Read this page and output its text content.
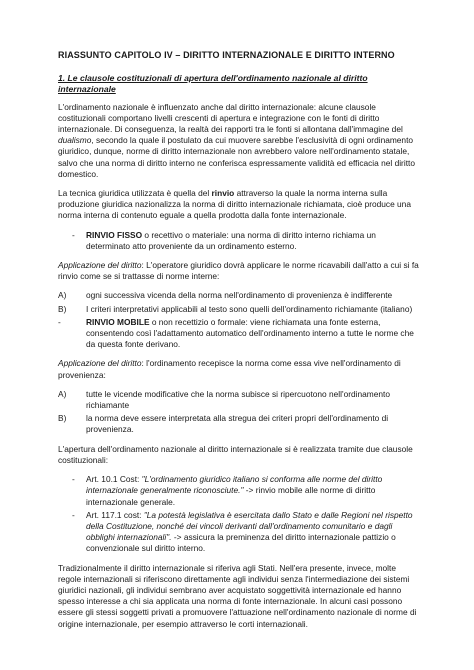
RIASSUNTO CAPITOLO IV – DIRITTO INTERNAZIONALE E DIRITTO INTERNO
1. Le clausole costituzionali di apertura dell'ordinamento nazionale al diritto internazionale

L'ordinamento nazionale è influenzato anche dal diritto internazionale: alcune clausole costituzionali comportano livelli crescenti di apertura e integrazione con le fonti di diritto internazionale. Di conseguenza, la realtà dei rapporti tra le fonti si allontana dall'immagine del dualismo, secondo la quale il postulato da cui muovere sarebbe l'esclusività di ogni ordinamento giuridico, dunque, norme di diritto internazionale non avrebbero valore nell'ordinamento statale, salvo che una norma di diritto interno ne conferisca espressamente validità ed efficacia nel diritto domestico.

La tecnica giuridica utilizzata è quella del rinvio attraverso la quale la norma interna sulla produzione giuridica nazionalizza la norma di diritto internazionale richiamata, cioè produce una norma interna di contenuto eguale a quella prodotta dalla fonte internazionale.

- RINVIO FISSO o recettivo o materiale: una norma di diritto interno richiama un determinato atto proveniente da un ordinamento esterno.

Applicazione del diritto: L'operatore giuridico dovrà applicare le norme ricavabili dall'atto a cui si fa rinvio come se si trattasse di norme interne:

A) ogni successiva vicenda della norma nell'ordinamento di provenienza è indifferente
B) I criteri interpretativi applicabili al testo sono quelli dell'ordinamento richiamante (italiano)
-	RINVIO MOBILE o non recettizio o formale: viene richiamata una fonte esterna, consentendo così l'adattamento automatico dell'ordinamento interno a tutte le norme che da questa fonte derivano.

Applicazione del diritto: l'ordinamento recepisce la norma come essa vive nell'ordinamento di provenienza:

A) tutte le vicende modificative che la norma subisce si ripercuotono nell'ordinamento richiamante
B) la norma deve essere interpretata alla stregua dei criteri propri dell'ordinamento di provenienza.

L'apertura dell'ordinamento nazionale al diritto internazionale si è realizzata tramite due clausole costituzionali:

- Art. 10.1 Cost: "L'ordinamento giuridico italiano si conforma alle norme del diritto internazionale generalmente riconosciute." -> rinvio mobile alle norme di diritto internazionale generale.
- Art. 117.1 cost: "La potestà legislativa è esercitata dallo Stato e dalle Regioni nel rispetto della Costituzione, nonché dei vincoli derivanti dall'ordinamento comunitario e dagli obblighi internazionali". -> assicura la preminenza del diritto internazionale pattizio o convenzionale sul diritto interno.

Tradizionalmente il diritto internazionale si riferiva agli Stati. Nell'era presente, invece, molte regole internazionali si riferiscono direttamente agli individui senza l'intermediazione dei sistemi giuridici nazionali, gli individui sembrano aver acquistato soggettività internazionale ed hanno spesso interesse a chi sia applicata una norma di fonte internazionale. In alcuni casi possono essere gli stessi soggetti privati a promuovere l'attuazione nell'ordinamento nazionale di norme di origine internazionale, per esempio attraverso le corti internazionali.
